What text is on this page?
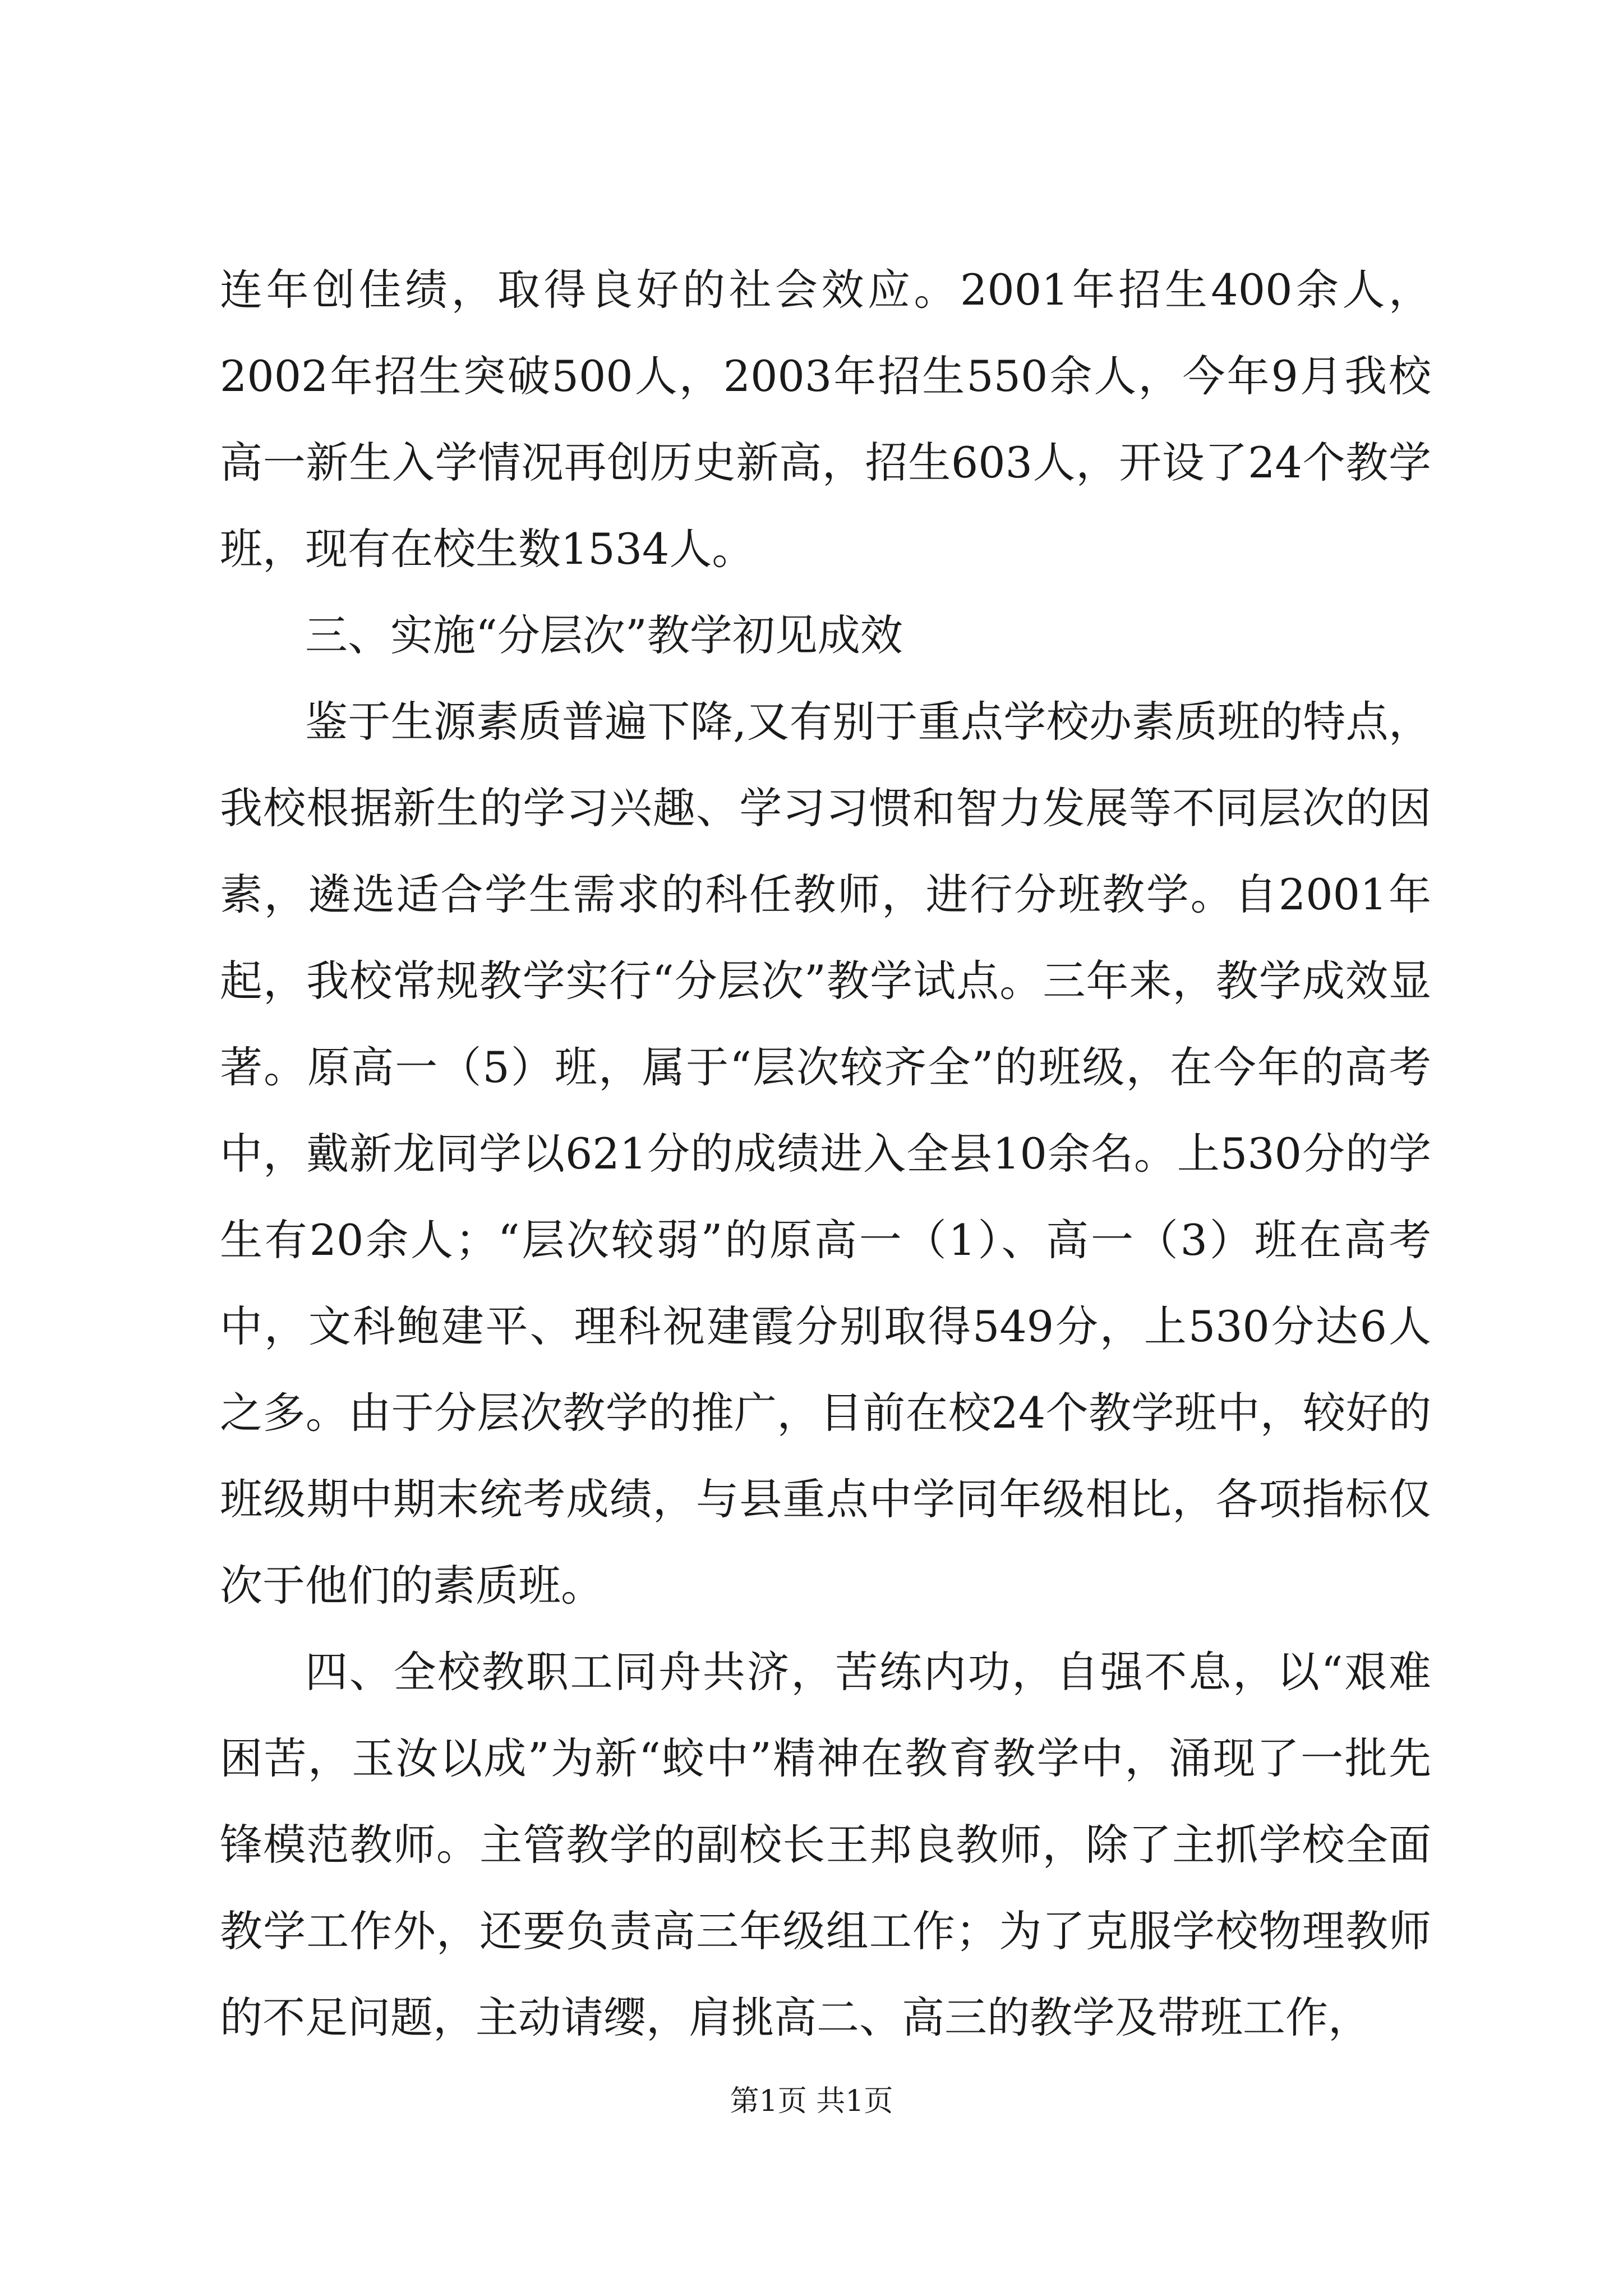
连年创佳绩，取得良好的社会效应。2001年招生400余人，2002年招生突破500人，2003年招生550余人，今年9月我校高一新生入学情况再创历史新高，招生603人，开设了24个教学班，现有在校生数1534人。

三、实施“分层次”教学初见成效

鉴于生源素质普遍下降,又有别于重点学校办素质班的特点，我校根据新生的学习兴趣、学习习惯和智力发展等不同层次的因素，遴选适合学生需求的科任教师，进行分班教学。自2001年起，我校常规教学实行“分层次”教学试点。三年来，教学成效显著。原高一（5）班，属于“层次较齐全”的班级，在今年的高考中，戴新龙同学以621分的成绩进入全县10余名。上530分的学生有20余人；“层次较弱”的原高一（1）、高一（3）班在高考中，文科鲍建平、理科祝建霞分别取得549分，上530分达6人之多。由于分层次教学的推广，目前在校24个教学班中，较好的班级期中期末统考成绩，与县重点中学同年级相比，各项指标仅次于他们的素质班。

四、全校教职工同舟共济，苦练内功，自强不息，以“艰难困苦，玉汝以成”为新“蛟中”精神在教育教学中，涌现了一批先锋模范教师。主管教学的副校长王邦良教师，除了主抓学校全面教学工作外，还要负责高三年级组工作；为了克服学校物理教师的不足问题，主动请缨，肩挑高二、高三的教学及带班工作，

第1页 共1页
